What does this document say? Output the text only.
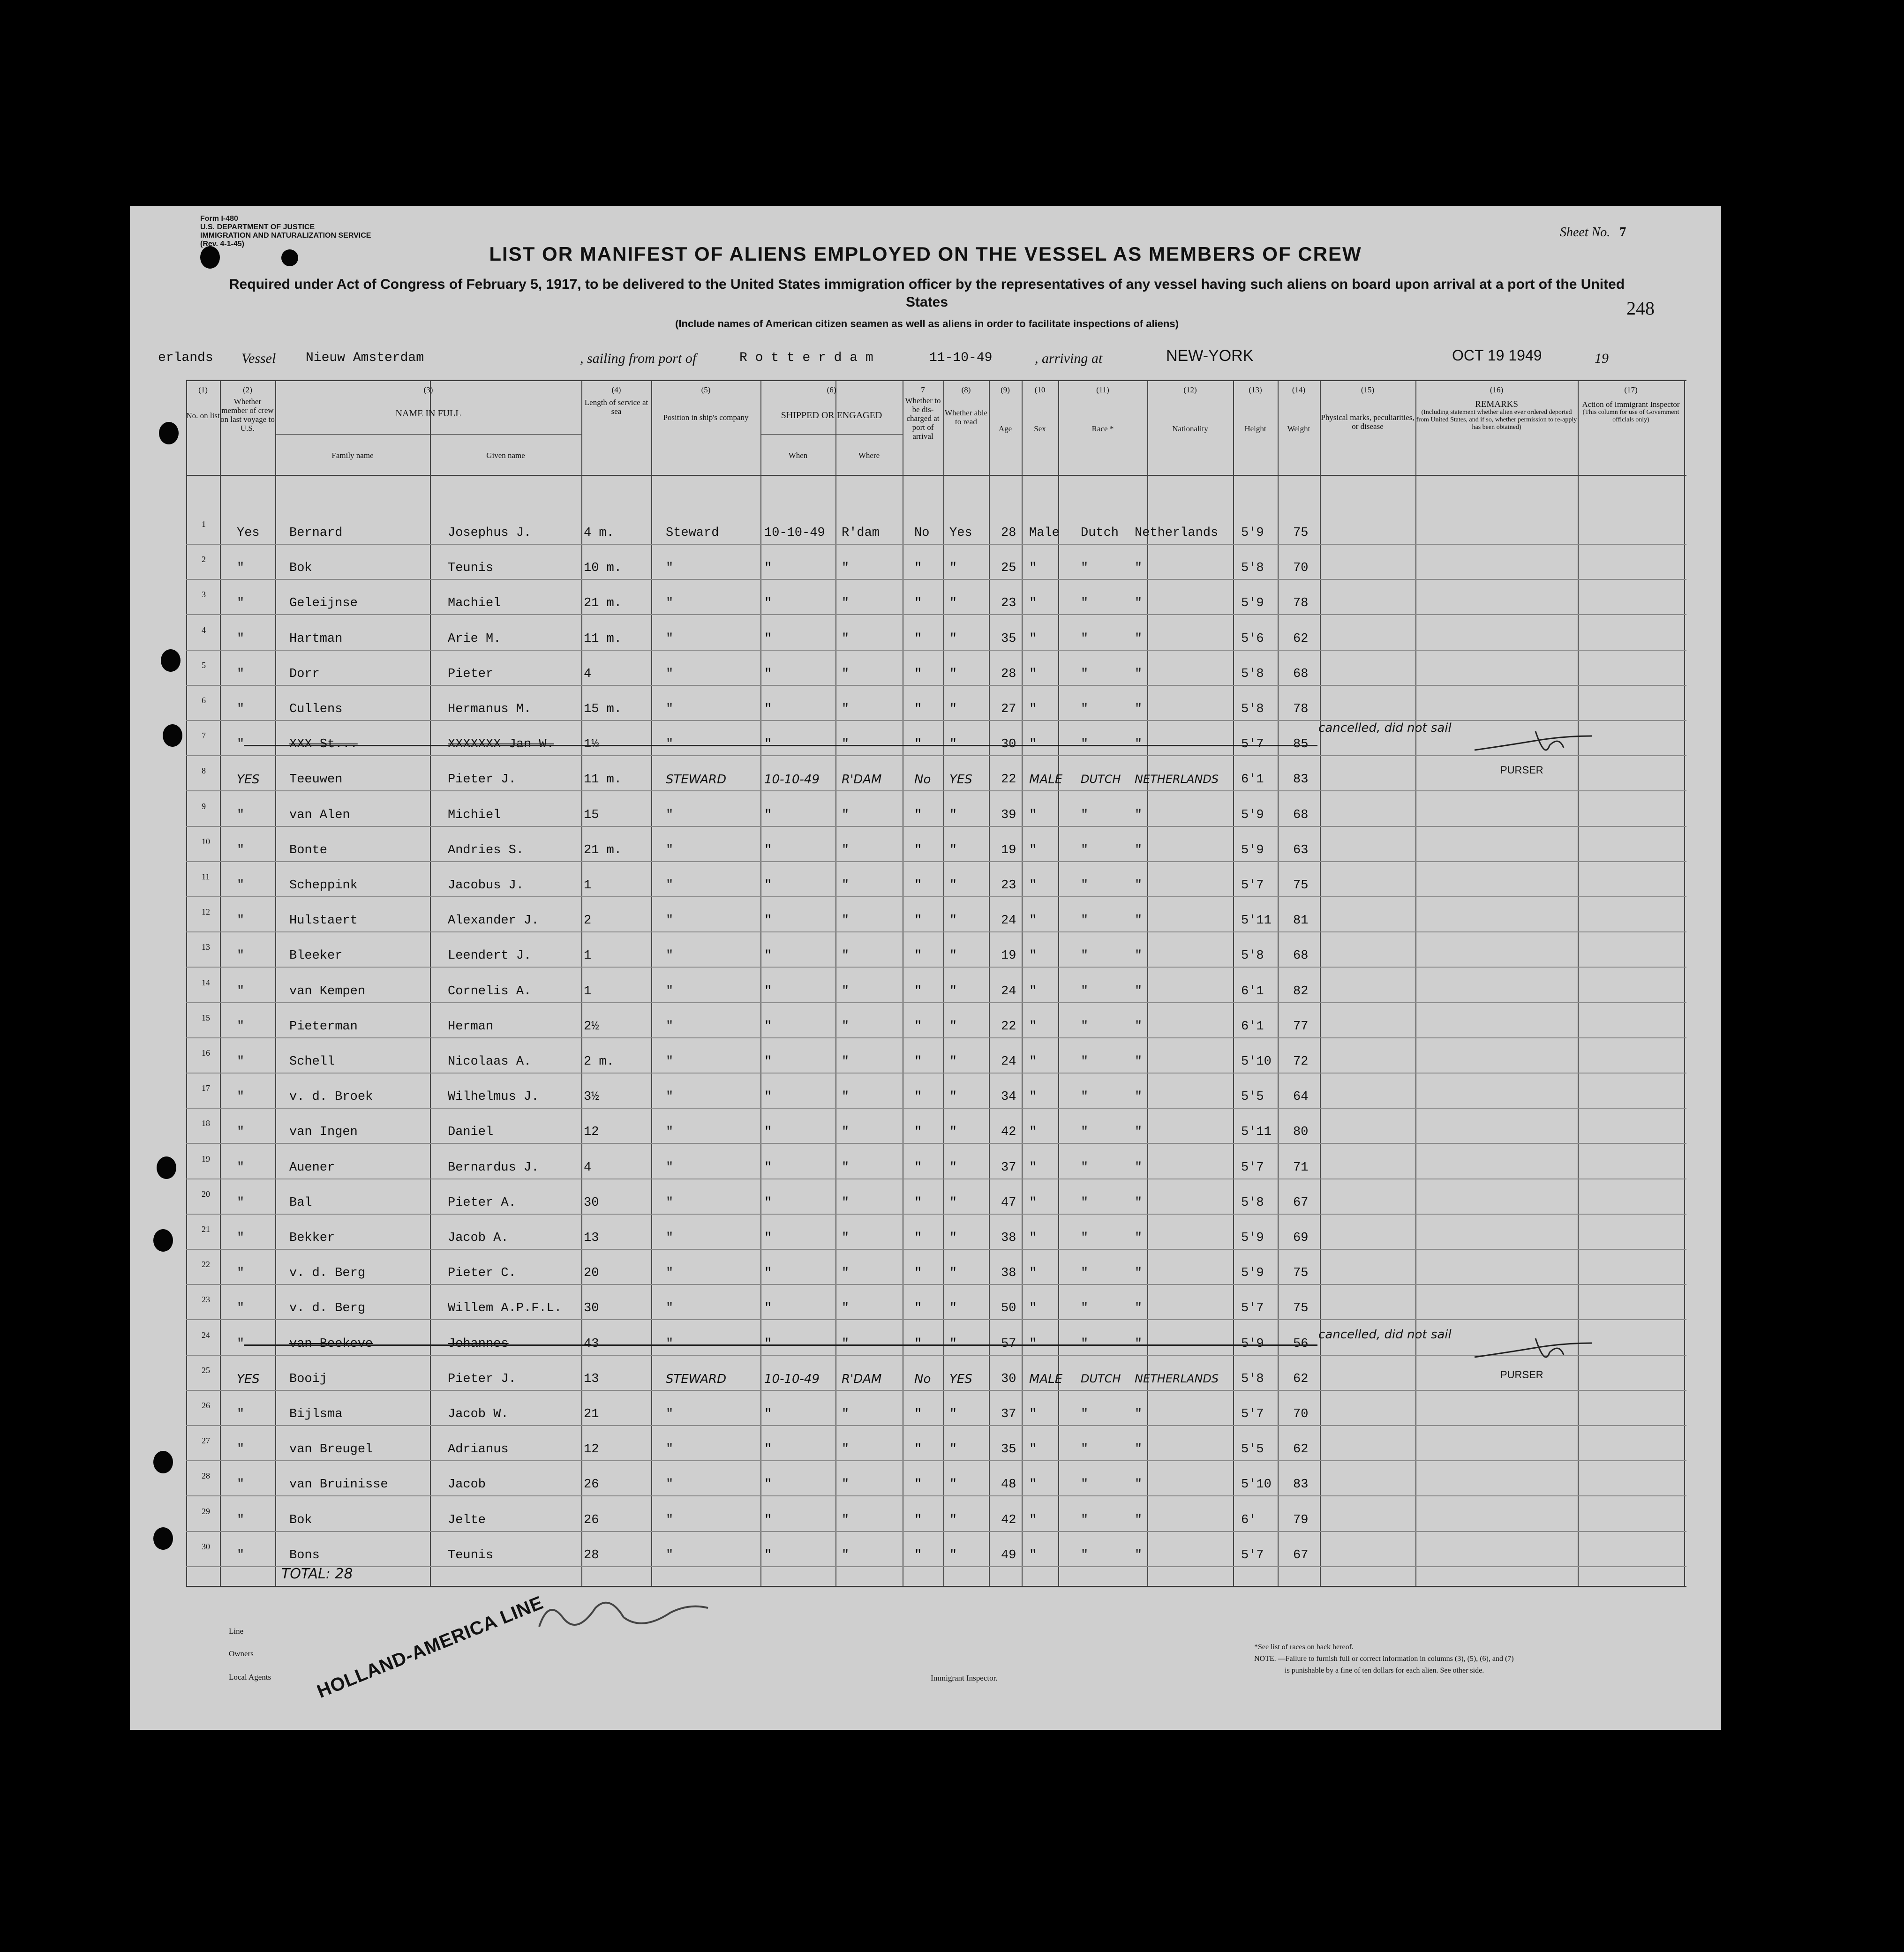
Form I-480
U.S. DEPARTMENT OF JUSTICE
IMMIGRATION AND NATURALIZATION SERVICE
(Rev. 4-1-45)
Sheet No. 7
LIST OR MANIFEST OF ALIENS EMPLOYED ON THE VESSEL AS MEMBERS OF CREW
Required under Act of Congress of February 5, 1917, to be delivered to the United States immigration officer by the representatives of any vessel having such aliens on board upon arrival at a port of the United States
(Include names of American citizen seamen as well as aliens in order to facilitate inspections of aliens)
248
erlands Vessel Nieuw Amsterdam	, sailing from port of	R o t t e r d a m	11-10-49	, arriving at	NEW-YORK	OCT 19 1949	19
(1)
No. on list
(2)
Whether member of crew on last voyage to U.S.
(3)
NAME IN FULL
Family name	Given name
(4)
Length of service at sea
(5)
Position in ship's company
(6)
SHIPPED OR ENGAGED
When	Where
7
Whether to be dis-charged at port of arrival
(8)
Whether able to read
(9)
Age
(10
Sex
(11)
Race *
(12)
Nationality
(13)
Height
(14)
Weight
(15)
Physical marks, peculiarities, or disease
(16)
REMARKS
(Including statement whether alien ever ordered deported from United States, and if so, whether permission to re-apply has been obtained)
(17)
Action of Immigrant Inspector
(This column for use of Government officials only)
1
Yes Bernard	Josephus J.	4 m.	Steward	10-10-49 R'dam	No Yes 28 Male Dutch Netherlands 5'9 75
2
"	Bok	Teunis	10 m.	"	"	"	" "	25 "	"	"	5'8 70
3
"	Geleijnse	Machiel	21 m.	"	"	"	" "	23 "	"	"	5'9 78
4
"	Hartman	Arie M.	11 m.	"	"	"	" "	35 "	"	"	5'6 62
5
"	Dorr	Pieter	4	"	"	"	" "	28 "	"	"	5'8 68
6
"	Cullens	Hermanus M.	15 m.	"	"	"	" "	27 "	"	"	5'8 78
7
"	XXX St...	XXXXXXX Jan W. 1½	"	"	"	" "	30 "	"	"	5'7 85
8
YES Teeuwen	Pieter J.	11 m.	STEWARD	10-10-49 R'DAM	No YES 22 MALE DUTCH NETHERLANDS 6'1 83
9
"	van Alen	Michiel	15	"	"	"	" "	39 "	"	"	5'9 68
10
"	Bonte	Andries S.	21 m.	"	"	"	" "	19 "	"	"	5'9 63
11
"	Scheppink	Jacobus J.	1	"	"	"	" "	23 "	"	"	5'7 75
12
"	Hulstaert	Alexander J.	2	"	"	"	" "	24 "	"	"	5'11 81
13
"	Bleeker	Leendert J.	1	"	"	"	" "	19 "	"	"	5'8 68
14
"	van Kempen	Cornelis A.	1	"	"	"	" "	24 "	"	"	6'1 82
15
"	Pieterman	Herman	2½	"	"	"	" "	22 "	"	"	6'1 77
16
"	Schell	Nicolaas A.	2 m.	"	"	"	" "	24 "	"	"	5'10 72
17
"	v. d. Broek	Wilhelmus J.	3½	"	"	"	" "	34 "	"	"	5'5 64
18
"	van Ingen	Daniel	12	"	"	"	" "	42 "	"	"	5'11 80
19
"	Auener	Bernardus J.	4	"	"	"	" "	37 "	"	"	5'7 71
20
"	Bal	Pieter A.	30	"	"	"	" "	47 "	"	"	5'8 67
21
"	Bekker	Jacob A.	13	"	"	"	" "	38 "	"	"	5'9 69
22
"	v. d. Berg	Pieter C.	20	"	"	"	" "	38 "	"	"	5'9 75
23
"	v. d. Berg	Willem A.P.F.L. 30	"	"	"	" "	50 "	"	"	5'7 75
24
"	van Beekeve	Johannes	43	"	"	"	" "	57 "	"	"	5'9 56
25
YES Booij	Pieter J.	13	STEWARD	10-10-49 R'DAM	No YES 30 MALE DUTCH NETHERLANDS 5'8 62
26
"	Bijlsma	Jacob W.	21	"	"	"	" "	37 "	"	"	5'7 70
27
"	van Breugel	Adrianus	12	"	"	"	" "	35 "	"	"	5'5 62
28
"	van Bruinisse	Jacob	26	"	"	"	" "	48 "	"	"	5'10 83
29
"	Bok	Jelte	26	"	"	"	" "	42 "	"	"	6'	79
30
"	Bons	Teunis	28	"	"	"	" "	49 "	"	"	5'7 67
cancelled, did not sail
PURSER
cancelled, did not sail
PURSER
TOTAL: 28
Line
Owners
Local Agents HOLLAND-AMERICA LINE	Immigrant Inspector.
*See list of races on back hereof.
NOTE. —Failure to furnish full or correct information in columns (3), (5), (6), and (7)
is punishable by a fine of ten dollars for each alien. See other side.
